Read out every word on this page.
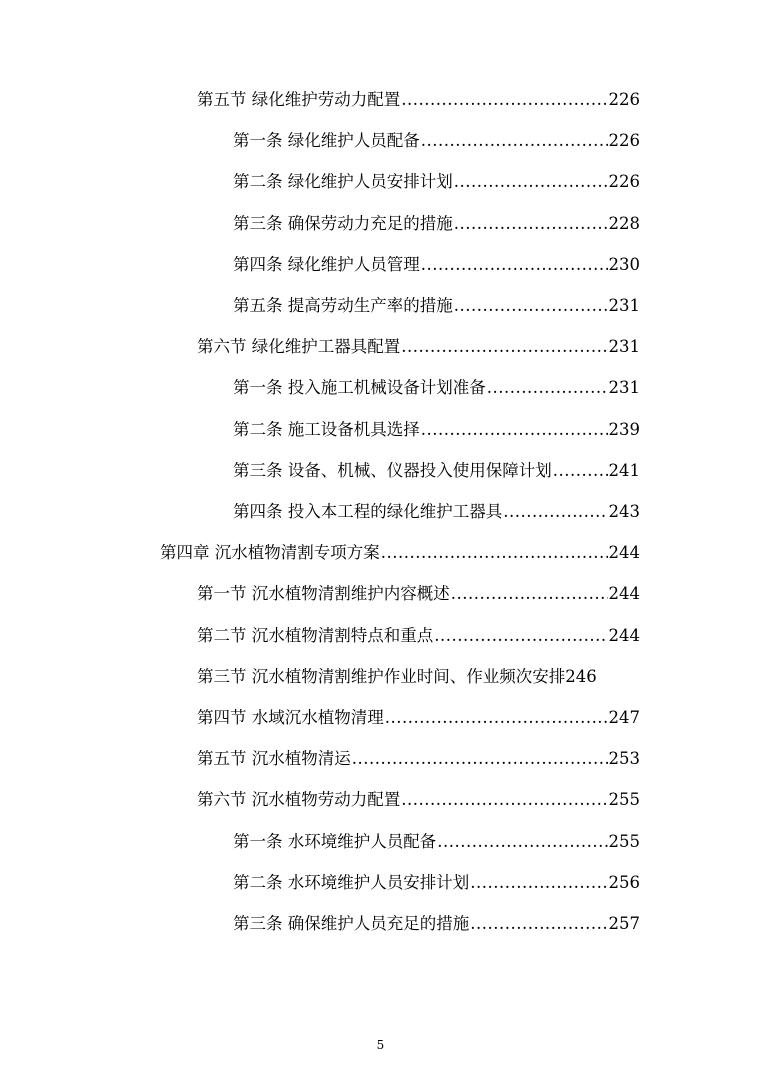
第五节 绿化维护劳动力配置 .....	226
第一条 绿化维护人员配备 .....	226
第二条 绿化维护人员安排计划 .....	226
第三条 确保劳动力充足的措施 .....	228
第四条 绿化维护人员管理 .....	230
第五条 提高劳动生产率的措施 .....	231
第六节 绿化维护工器具配置 .....	231
第一条 投入施工机械设备计划准备 .....	231
第二条 施工设备机具选择 .....	239
第三条 设备、机械、仪器投入使用保障计划 .....	241
第四条 投入本工程的绿化维护工器具 .....	243
第四章 沉水植物清割专项方案 .....	244
第一节 沉水植物清割维护内容概述 .....	244
第二节 沉水植物清割特点和重点 .....	244
第三节 沉水植物清割维护作业时间、作业频次安排 246
第四节 水域沉水植物清理 .....	247
第五节 沉水植物清运 .....	253
第六节 沉水植物劳动力配置 .....	255
第一条 水环境维护人员配备 .....	255
第二条 水环境维护人员安排计划 .....	256
第三条 确保维护人员充足的措施 .....	257
5
